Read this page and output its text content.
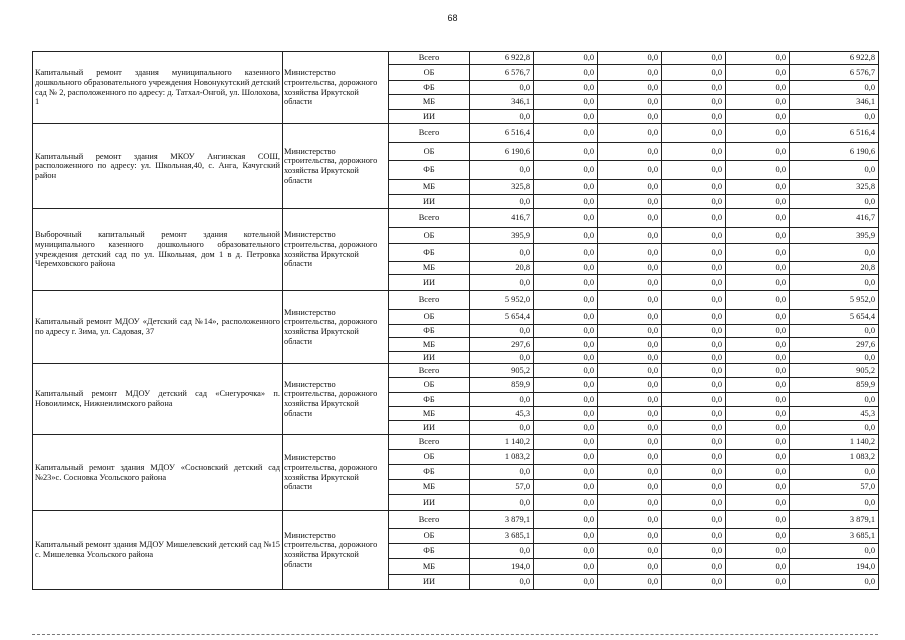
68
Капитальный ремонт здания муниципального казенного дошкольного образовательного учреждения Новонукутский детский сад № 2, расположенного по адресу: д. Татхал-Онгой, ул. Шолохова, 1	Министерство строительства, дорожного хозяйства Иркутской области	Всего	6 922,8	0,0	0,0	0,0	0,0	6 922,8
		ОБ	6 576,7	0,0	0,0	0,0	0,0	6 576,7
		ФБ	0,0	0,0	0,0	0,0	0,0	0,0
		МБ	346,1	0,0	0,0	0,0	0,0	346,1
		ИИ	0,0	0,0	0,0	0,0	0,0	0,0
Капитальный ремонт здания МКОУ Ангинская СОШ, расположенного по адресу: ул. Школьная,40, с. Анга, Качугский район	Министерство строительства, дорожного хозяйства Иркутской области	Всего	6 516,4	0,0	0,0	0,0	0,0	6 516,4
		ОБ	6 190,6	0,0	0,0	0,0	0,0	6 190,6
		ФБ	0,0	0,0	0,0	0,0	0,0	0,0
		МБ	325,8	0,0	0,0	0,0	0,0	325,8
		ИИ	0,0	0,0	0,0	0,0	0,0	0,0
Выборочный капитальный ремонт здания котельной муниципального казенного дошкольного образовательного учреждения детский сад по ул. Школьная, дом 1 в д. Петровка Черемховского района	Министерство строительства, дорожного хозяйства Иркутской области	Всего	416,7	0,0	0,0	0,0	0,0	416,7
		ОБ	395,9	0,0	0,0	0,0	0,0	395,9
		ФБ	0,0	0,0	0,0	0,0	0,0	0,0
		МБ	20,8	0,0	0,0	0,0	0,0	20,8
		ИИ	0,0	0,0	0,0	0,0	0,0	0,0
Капитальный ремонт МДОУ «Детский сад №14», расположенного по адресу г. Зима, ул. Садовая, 37	Министерство строительства, дорожного хозяйства Иркутской области	Всего	5 952,0	0,0	0,0	0,0	0,0	5 952,0
		ОБ	5 654,4	0,0	0,0	0,0	0,0	5 654,4
		ФБ	0,0	0,0	0,0	0,0	0,0	0,0
		МБ	297,6	0,0	0,0	0,0	0,0	297,6
		ИИ	0,0	0,0	0,0	0,0	0,0	0,0
Капитальный ремонт МДОУ детский сад «Снегурочка» п. Новоилимск, Нижнеилимского района	Министерство строительства, дорожного хозяйства Иркутской области	Всего	905,2	0,0	0,0	0,0	0,0	905,2
		ОБ	859,9	0,0	0,0	0,0	0,0	859,9
		ФБ	0,0	0,0	0,0	0,0	0,0	0,0
		МБ	45,3	0,0	0,0	0,0	0,0	45,3
		ИИ	0,0	0,0	0,0	0,0	0,0	0,0
Капитальный ремонт здания МДОУ «Сосновский детский сад №23»с. Сосновка Усольского района	Министерство строительства, дорожного хозяйства Иркутской области	Всего	1 140,2	0,0	0,0	0,0	0,0	1 140,2
		ОБ	1 083,2	0,0	0,0	0,0	0,0	1 083,2
		ФБ	0,0	0,0	0,0	0,0	0,0	0,0
		МБ	57,0	0,0	0,0	0,0	0,0	57,0
		ИИ	0,0	0,0	0,0	0,0	0,0	0,0
Капитальный ремонт здания МДОУ Мишелевский детский сад №15 с. Мишелевка Усольского района	Министерство строительства, дорожного хозяйства Иркутской области	Всего	3 879,1	0,0	0,0	0,0	0,0	3 879,1
		ОБ	3 685,1	0,0	0,0	0,0	0,0	3 685,1
		ФБ	0,0	0,0	0,0	0,0	0,0	0,0
		МБ	194,0	0,0	0,0	0,0	0,0	194,0
		ИИ	0,0	0,0	0,0	0,0	0,0	0,0
